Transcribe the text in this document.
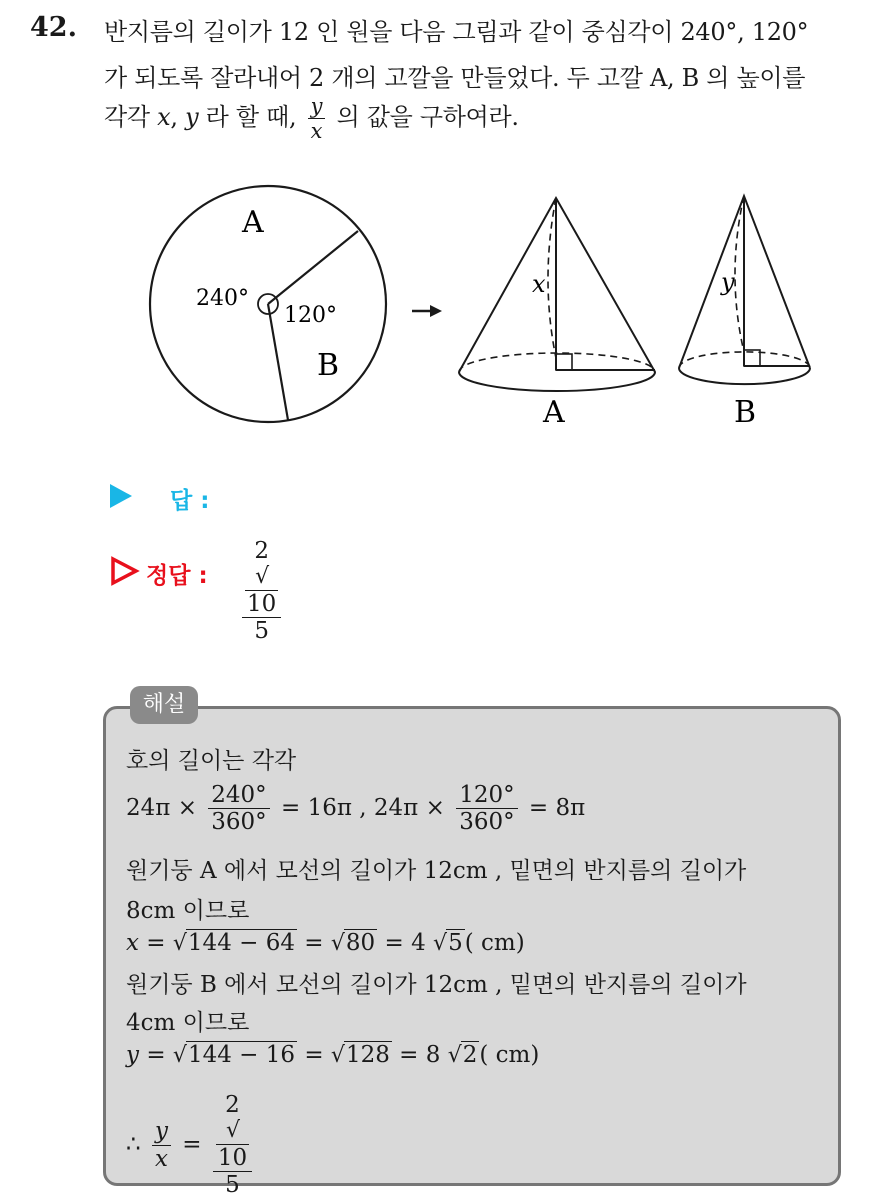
42. 반지름의 길이가 12 인 원을 다음 그림과 같이 중심각이 240°, 120°
가 되도록 잘라내어 2 개의 고깔을 만들었다. 두 고깔 A, B 의 높이를
각각 x, y 라 할 때, $\frac{y}{x}$ 의 값을 구하여라.
A
B
240°
120°
x
A
y
B
답 :
정답 : 2
√
10
5
해설
호의 길이는 각각
$24\pi \times \frac{240^\circ}{360^\circ} = 16\pi$ , $24\pi \times \frac{120^\circ}{360^\circ} = 8\pi$
원기둥 A 에서 모선의 길이가 12cm , 밑면의 반지름의 길이가
8cm 이므로
x = √144 − 64 = √80 = 4 √5( cm)
원기둥 B 에서 모선의 길이가 12cm , 밑면의 반지름의 길이가
4cm 이므로
y = √144 − 16 = √128 = 8 √2( cm)
∴ $\frac{y}{x} = 2$
√
10
5
